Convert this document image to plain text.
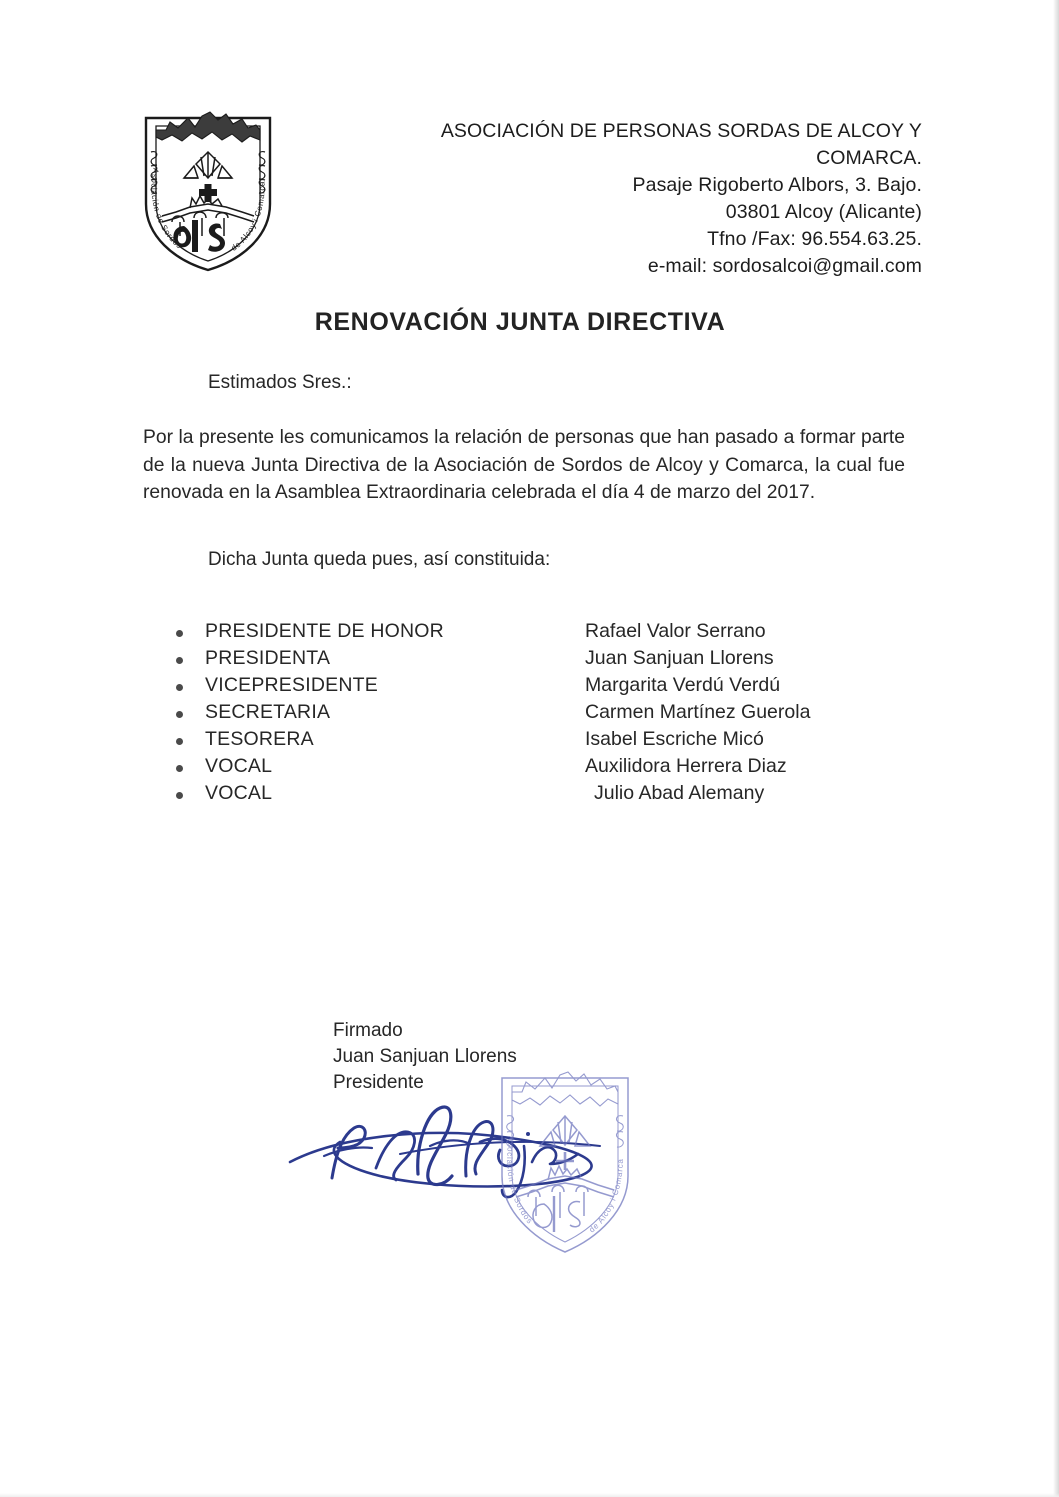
Asociación de Sordos	de Alcoy i Comarca
ASOCIACIÓN DE PERSONAS SORDAS DE ALCOY Y
COMARCA.
Pasaje Rigoberto Albors, 3. Bajo.
03801 Alcoy (Alicante)
Tfno /Fax: 96.554.63.25.
e-mail: sordosalcoi@gmail.com
RENOVACIÓN JUNTA DIRECTIVA
Estimados Sres.:
Por la presente les comunicamos la relación de personas que han pasado a formar parte de la nueva Junta Directiva de la Asociación de Sordos de Alcoy y Comarca, la cual fue renovada en la Asamblea Extraordinaria celebrada el día 4 de marzo del 2017.
Dicha Junta queda pues, así constituida:
PRESIDENTE DE HONOR	Rafael Valor Serrano
PRESIDENTA	Juan Sanjuan Llorens
VICEPRESIDENTE	Margarita Verdú Verdú
SECRETARIA	Carmen Martínez Guerola
TESORERA	Isabel Escriche Micó
VOCAL	Auxilidora Herrera Diaz
VOCAL	Julio Abad Alemany
Firmado
Juan Sanjuan Llorens
Presidente
Asociación de Sordos
de Alcoy i Comarca
